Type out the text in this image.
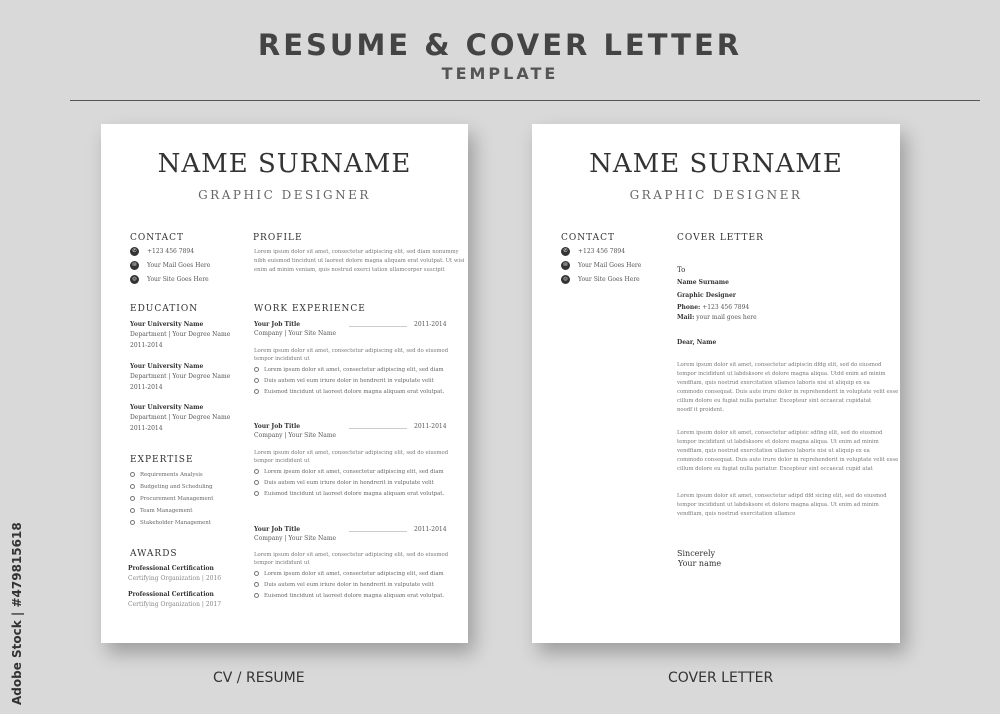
RESUME & COVER LETTER
TEMPLATE
NAME SURNAME
GRAPHIC DESIGNER
CONTACT
✆	+123 456 7894
✉	Your Mail Goes Here
◎	Your Site Goes Here
EDUCATION
Your University Name
Department | Your Degree Name
2011-2014
Your University Name
Department | Your Degree Name
2011-2014
Your University Name
Department | Your Degree Name
2011-2014
EXPERTISE
Requirements Analysis
Budgeting and Scheduling
Procurement Management
Team Management
Stakeholder Management
AWARDS
Professional Certification
Certifying Organization | 2016
Professional Certification
Certifying Organization | 2017
PROFILE
Lorem ipsum dolor sit amet, consectetur adipiscing elit, sed diam nonummy
nibh euismod tincidunt ut laoreet dolore magna aliquam erat volutpat. Ut wisi
enim ad minim veniam, quis nostrud exerci tation ullamcorper suscipit
WORK EXPERIENCE
Your Job Title	2011-2014
Company | Your Site Name
Lorem ipsum dolor sit amet, consectetur adipiscing elit, sed do eiusmod
tempor incididunt ut
Lorem ipsum dolor sit amet, consectetur adipiscing elit, sed diam
Duis autem vel eum iriure dolor in hendrerit in vulputate velit
Euismod tincidunt ut laoreet dolore magna aliquam erat volutpat.
Your Job Title	2011-2014
Company | Your Site Name
Lorem ipsum dolor sit amet, consectetur adipiscing elit, sed do eiusmod
tempor incididunt ut
Lorem ipsum dolor sit amet, consectetur adipiscing elit, sed diam
Duis autem vel eum iriure dolor in hendrerit in vulputate velit
Euismod tincidunt ut laoreet dolore magna aliquam erat volutpat.
Your Job Title	2011-2014
Company | Your Site Name
Lorem ipsum dolor sit amet, consectetur adipiscing elit, sed do eiusmod
tempor incididunt ut
Lorem ipsum dolor sit amet, consectetur adipiscing elit, sed diam
Duis autem vel eum iriure dolor in hendrerit in vulputate velit
Euismod tincidunt ut laoreet dolore magna aliquam erat volutpat.
NAME SURNAME
GRAPHIC DESIGNER
CONTACT
✆	+123 456 7894
✉	Your Mail Goes Here
◎	Your Site Goes Here
COVER LETTER
To
Name Surname
Graphic Designer
Phone: +123 456 7894
Mail: your mail goes here
Dear, Name
Lorem ipsum dolor sit amet, consectetur adipiscin dfdg elit, sed do eiusmod
tempor incididunt ut labdsksore et dolore magna aliqua. Utdd enim ad minim
vendfiam, quis nostrud exercitation ullamco laboris nisi ut aliquip ex ea
commodo consequat. Duis aute irure dolor in reprehenderit in voluptate velit esse
cillum dolore eu fugiat nulla pariatur. Excepteur sint occaecat cupidatat
noodf it proident.
Lorem ipsum dolor sit amet, consectetur adipisic sdfing elit, sed do eiusmod
tempor incididunt ut labdsksore et dolore magna aliqua. Ut enim ad minim
vendfiam, quis nostrud exercitation ullamco laboris nisi ut aliquip ex ea
commodo consequat. Duis aute irure dolor in reprehenderit in voluptate velit esse
cillum dolore eu fugiat nulla pariatur. Excepteur sint occaecat cupid atat
Lorem ipsum dolor sit amet, consectetur adipd dfd sicing elit, sed do eiusmod
tempor incididunt ut labdsksore et dolore magna aliqua. Ut enim ad minim
vendfiam, quis nostrud exercitation ullamco
Sincerely
Your name
CV / RESUME	COVER LETTER
Adobe Stock | #479815618
